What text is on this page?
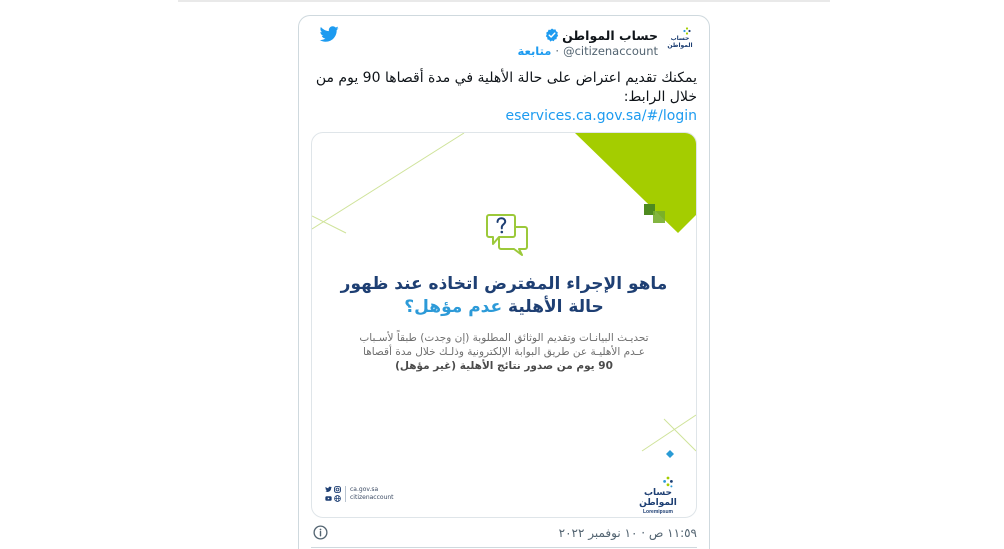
حساب
المواطن
حساب المواطن
@citizenaccount
·
متابعة
يمكنك تقديم اعتراض على حالة الأهلية في مدة أقصاها 90 يوم من خلال الرابط:
eservices.ca.gov.sa/#/login
ماهو الإجراء المفترض اتخاذه عند ظهور
حالة الأهلية عدم مؤهل؟
تحديـث البيانـات وتقديم الوثائق المطلوبة (إن وجدت) طبقاً لأسـباب
عـدم الأهليـة عن طريق البوابة الإلكترونية وذلـك خلال مدة أقصاها
90 يوم من صدور نتائج الأهلية (غير مؤهل)
ca.gov.sa
citizenaccount	حساب
المواطن
Loremipsum
١١:٥٩ ص · ١٠ نوفمبر ٢٠٢٢
